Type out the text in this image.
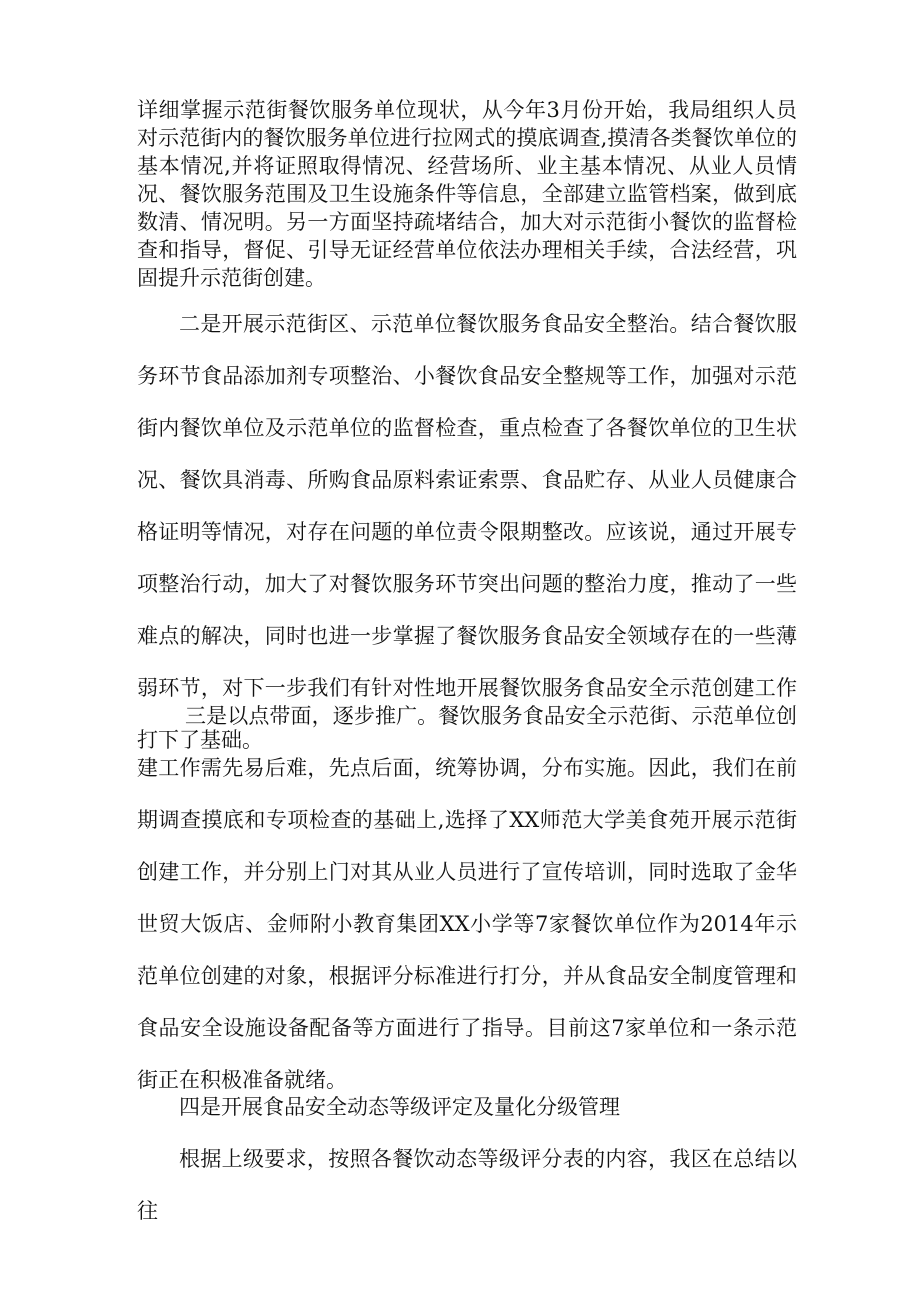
详细掌握示范街餐饮服务单位现状，从今年3月份开始，我局组织人员对示范街内的餐饮服务单位进行拉网式的摸底调查,摸清各类餐饮单位的基本情况,并将证照取得情况、经营场所、业主基本情况、从业人员情况、餐饮服务范围及卫生设施条件等信息，全部建立监管档案，做到底数清、情况明。另一方面坚持疏堵结合，加大对示范街小餐饮的监督检查和指导，督促、引导无证经营单位依法办理相关手续，合法经营，巩固提升示范街创建。

二是开展示范街区、示范单位餐饮服务食品安全整治。结合餐饮服务环节食品添加剂专项整治、小餐饮食品安全整规等工作，加强对示范街内餐饮单位及示范单位的监督检查，重点检查了各餐饮单位的卫生状况、餐饮具消毒、所购食品原料索证索票、食品贮存、从业人员健康合格证明等情况，对存在问题的单位责令限期整改。应该说，通过开展专项整治行动，加大了对餐饮服务环节突出问题的整治力度，推动了一些难点的解决，同时也进一步掌握了餐饮服务食品安全领域存在的一些薄弱环节，对下一步我们有针对性地开展餐饮服务食品安全示范创建工作打下了基础。

三是以点带面，逐步推广。餐饮服务食品安全示范街、示范单位创建工作需先易后难，先点后面，统筹协调，分布实施。因此，我们在前期调查摸底和专项检查的基础上,选择了XX师范大学美食苑开展示范街创建工作，并分别上门对其从业人员进行了宣传培训，同时选取了金华世贸大饭店、金师附小教育集团XX小学等7家餐饮单位作为2014年示范单位创建的对象，根据评分标准进行打分，并从食品安全制度管理和食品安全设施设备配备等方面进行了指导。目前这7家单位和一条示范街正在积极准备就绪。

四是开展食品安全动态等级评定及量化分级管理

根据上级要求，按照各餐饮动态等级评分表的内容，我区在总结以往
